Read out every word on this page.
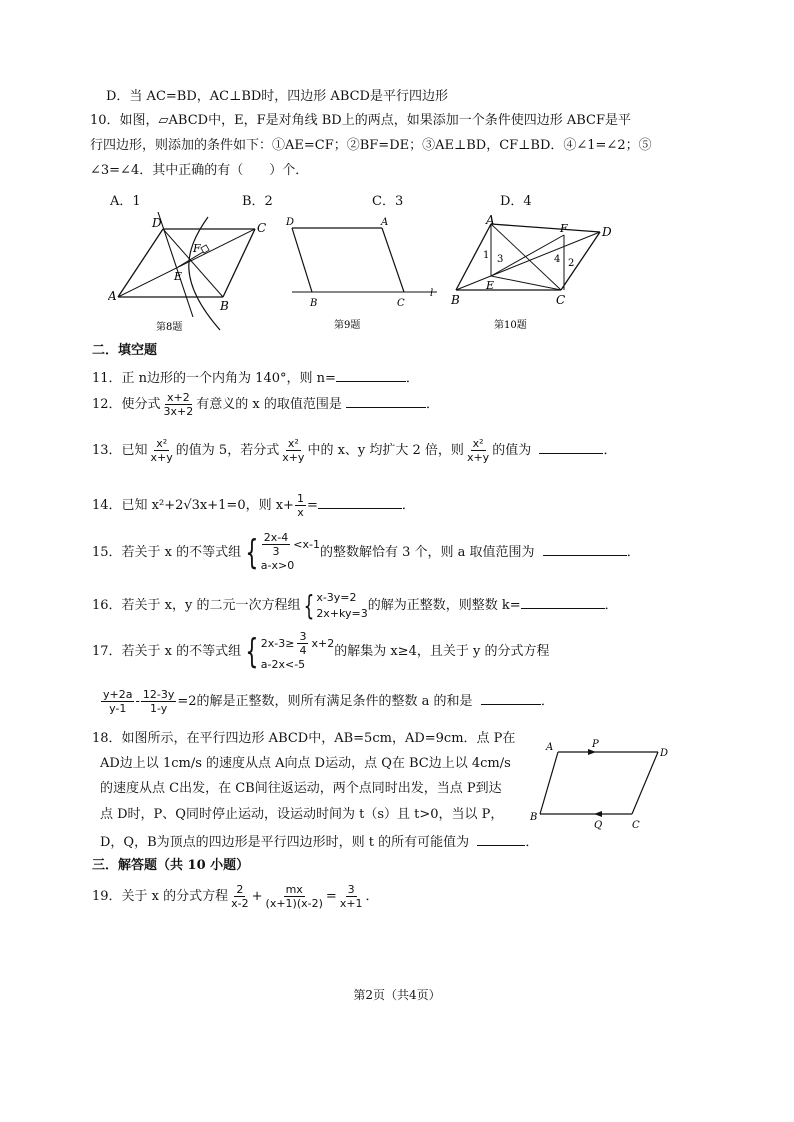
D．当 AC=BD，AC⊥BD时，四边形 ABCD是平行四边形
10．如图，▱ABCD中，E，F是对角线 BD上的两点，如果添加一个条件使四边形 ABCF是平
行四边形，则添加的条件如下：①AE=CF；②BF=DE；③AE⊥BD，CF⊥BD．④∠1=∠2；⑤
∠3=∠4．其中正确的有（　　）个．
A．1	B．2	C．3	D．4
D	C
A
B
E
F
第8题
D	A
B	C
l
第9题
A
F	D
B
E
C
1 3	4 2
第10题
二．填空题
11．正 n边形的一个内角为 140°，则 n=	．
12．使分式 $\frac{x+2}{3x+2}$ 有意义的 x 的取值范围是	．
13．已知 $\frac{\text{x²}}{x+y}$ 的值为 5，若分式 $\frac{\text{x²}}{x+y}$ 中的 x、y 均扩大 2 倍，则 $\frac{\text{x²}}{x+y}$ 的值为	．
14．已知 x²+2√3x+1=0，则 $x+ \frac{1}{x}$ =	．
15．若关于 x 的不等式组 { $\frac{2x-4}{3} <x-1$
a-x>0
的整数解恰有 3 个，则 a 取值范围为	．
16．若关于 x，y 的二元一次方程组 { x-3y=2
2x+ky=3 的解为正整数，则整数 k=	．
17．若关于 x 的不等式组 { $2x-3\ge \frac{3}{4} x+2$
a-2x<-5
的解集为 x≥4，且关于 y 的分式方程
$\frac{y+2a}{y-1} - \frac{12-3y}{1-y} =2$的解是正整数，则所有满足条件的整数 a 的和是	．
18．如图所示，在平行四边形 ABCD中，AB=5cm，AD=9cm．点 P在
AD边上以 1cm/s 的速度从点 A向点 D运动，点 Q在 BC边上以 4cm/s
的速度从点 C出发，在 CB间往返运动，两个点同时出发，当点 P到达
点 D时，P、Q同时停止运动，设运动时间为 t（s）且 t>0，当以 P，
D，Q，B为顶点的四边形是平行四边形时，则 t 的所有可能值为	．
A	P
D
B
Q	C
三．解答题（共 10 小题）
19．关于 x 的分式方程 $\frac{2}{x-2} + \frac{mx}{(x+1)(x-2)} = \frac{3}{x+1}$ ．
第2页（共4页）
